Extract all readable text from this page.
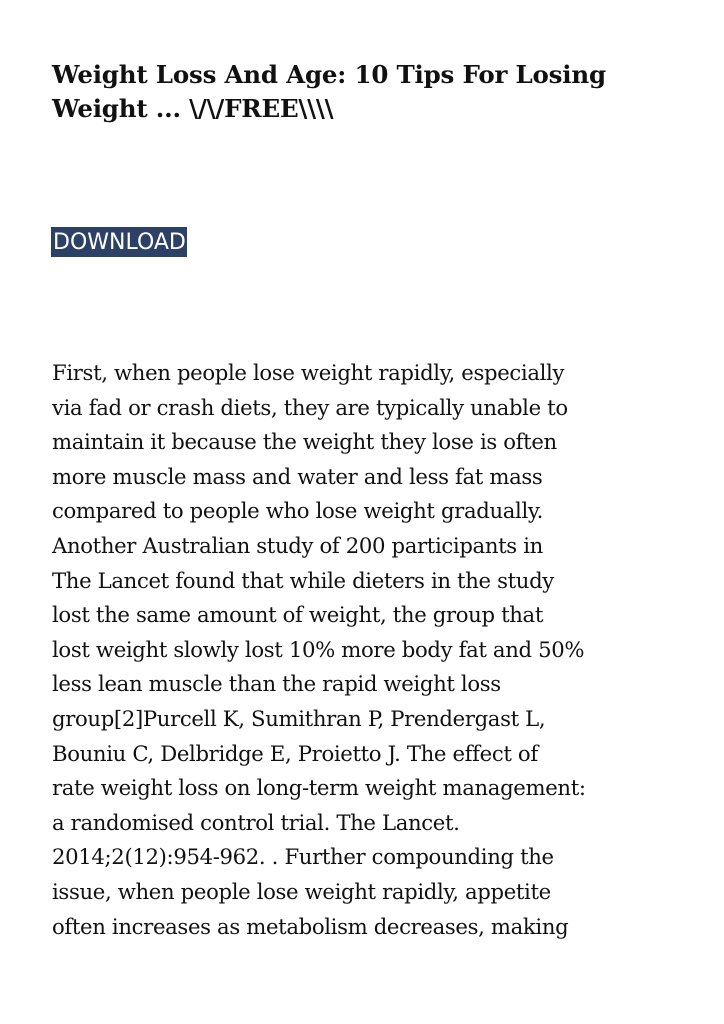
Weight Loss And Age: 10 Tips For Losing
Weight ... \/\/FREE\\\\
DOWNLOAD

First, when people lose weight rapidly, especially
via fad or crash diets, they are typically unable to
maintain it because the weight they lose is often
more muscle mass and water and less fat mass
compared to people who lose weight gradually.
Another Australian study of 200 participants in
The Lancet found that while dieters in the study
lost the same amount of weight, the group that
lost weight slowly lost 10% more body fat and 50%
less lean muscle than the rapid weight loss
group[2]Purcell K, Sumithran P, Prendergast L,
Bouniu C, Delbridge E, Proietto J. The effect of
rate weight loss on long-term weight management:
a randomised control trial. The Lancet.
2014;2(12):954-962. . Further compounding the
issue, when people lose weight rapidly, appetite
often increases as metabolism decreases, making
